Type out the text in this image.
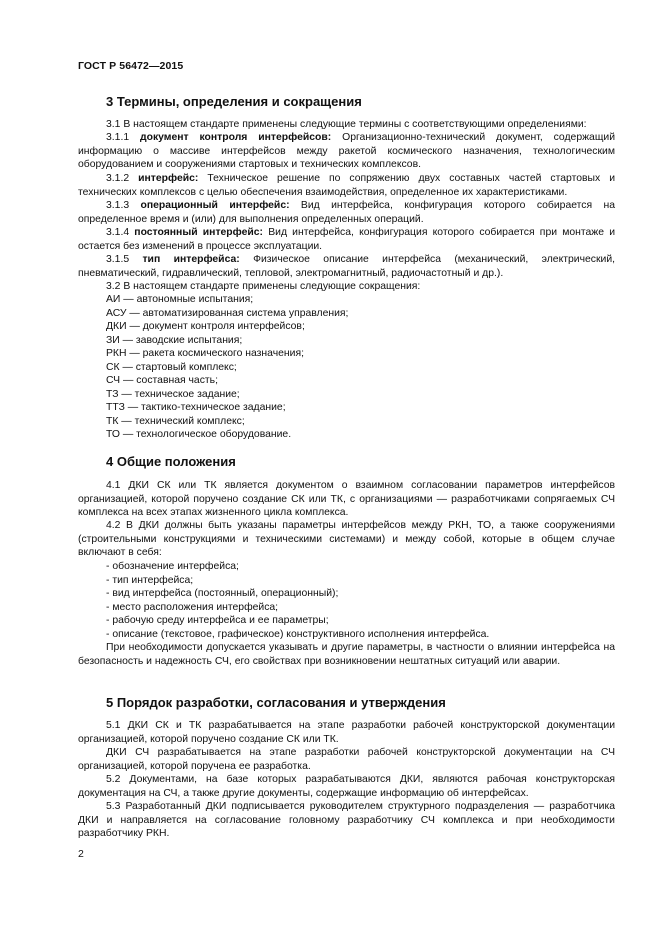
ГОСТ Р 56472—2015
3 Термины, определения и сокращения
3.1 В настоящем стандарте применены следующие термины с соответствующими определениями:
3.1.1 документ контроля интерфейсов: Организационно-технический документ, содержащий информацию о массиве интерфейсов между ракетой космического назначения, технологическим оборудованием и сооружениями стартовых и технических комплексов.
3.1.2 интерфейс: Техническое решение по сопряжению двух составных частей стартовых и технических комплексов с целью обеспечения взаимодействия, определенное их характеристиками.
3.1.3 операционный интерфейс: Вид интерфейса, конфигурация которого собирается на определенное время и (или) для выполнения определенных операций.
3.1.4 постоянный интерфейс: Вид интерфейса, конфигурация которого собирается при монтаже и остается без изменений в процессе эксплуатации.
3.1.5 тип интерфейса: Физическое описание интерфейса (механический, электрический, пневматический, гидравлический, тепловой, электромагнитный, радиочастотный и др.).
3.2 В настоящем стандарте применены следующие сокращения:
АИ — автономные испытания;
АСУ — автоматизированная система управления;
ДКИ — документ контроля интерфейсов;
ЗИ — заводские испытания;
РКН — ракета космического назначения;
СК — стартовый комплекс;
СЧ — составная часть;
ТЗ — техническое задание;
ТТЗ — тактико-техническое задание;
ТК — технический комплекс;
ТО — технологическое оборудование.
4 Общие положения
4.1 ДКИ СК или ТК является документом о взаимном согласовании параметров интерфейсов организацией, которой поручено создание СК или ТК, с организациями — разработчиками сопрягаемых СЧ комплекса на всех этапах жизненного цикла комплекса.
4.2 В ДКИ должны быть указаны параметры интерфейсов между РКН, ТО, а также сооружениями (строительными конструкциями и техническими системами) и между собой, которые в общем случае включают в себя:
- обозначение интерфейса;
- тип интерфейса;
- вид интерфейса (постоянный, операционный);
- место расположения интерфейса;
- рабочую среду интерфейса и ее параметры;
- описание (текстовое, графическое) конструктивного исполнения интерфейса.
При необходимости допускается указывать и другие параметры, в частности о влиянии интерфейса на безопасность и надежность СЧ, его свойствах при возникновении нештатных ситуаций или аварии.
5 Порядок разработки, согласования и утверждения
5.1 ДКИ СК и ТК разрабатывается на этапе разработки рабочей конструкторской документации организацией, которой поручено создание СК или ТК.
ДКИ СЧ разрабатывается на этапе разработки рабочей конструкторской документации на СЧ организацией, которой поручена ее разработка.
5.2 Документами, на базе которых разрабатываются ДКИ, являются рабочая конструкторская документация на СЧ, а также другие документы, содержащие информацию об интерфейсах.
5.3 Разработанный ДКИ подписывается руководителем структурного подразделения — разработчика ДКИ и направляется на согласование головному разработчику СЧ комплекса и при необходимости разработчику РКН.
2
